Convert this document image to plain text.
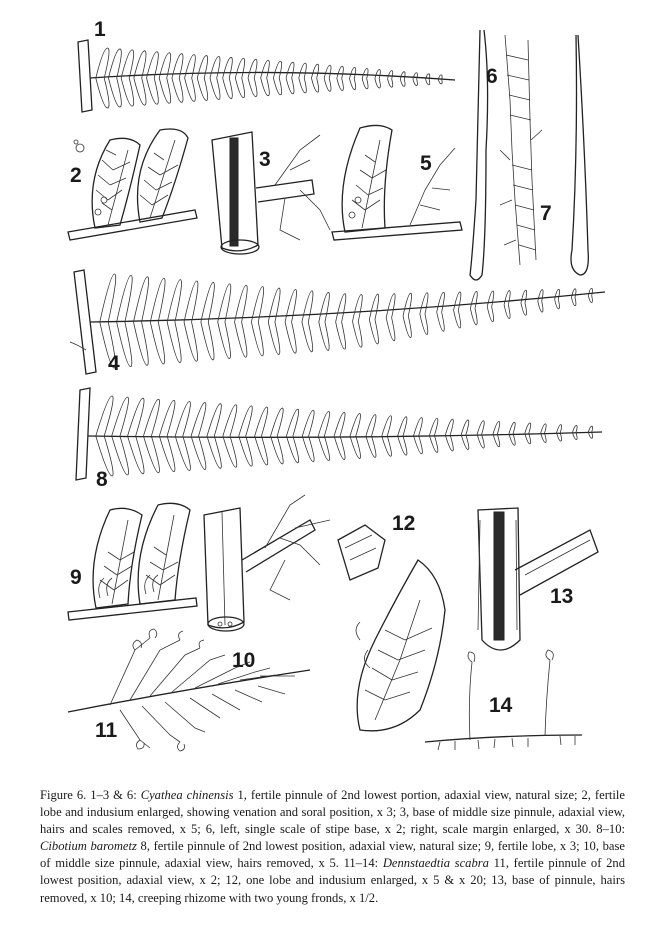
1
2
3
4
5
6
7
8
9
10
11
12
13
14
Figure 6. 1–3 & 6: Cyathea chinensis 1, fertile pinnule of 2nd lowest portion, adaxial view, natural size; 2, fertile lobe and indusium enlarged, showing venation and soral position, x 3; 3, base of middle size pinnule, adaxial view, hairs and scales removed, x 5; 6, left, single scale of stipe base, x 2; right, scale margin enlarged, x 30. 8–10: Cibotium barometz 8, fertile pinnule of 2nd lowest position, adaxial view, natural size; 9, fertile lobe, x 3; 10, base of middle size pinnule, adaxial view, hairs removed, x 5. 11–14: Dennstaedtia scabra 11, fertile pinnule of 2nd lowest position, adaxial view, x 2; 12, one lobe and indusium enlarged, x 5 & x 20; 13, base of pinnule, hairs removed, x 10; 14, creeping rhizome with two young fronds, x 1/2.
